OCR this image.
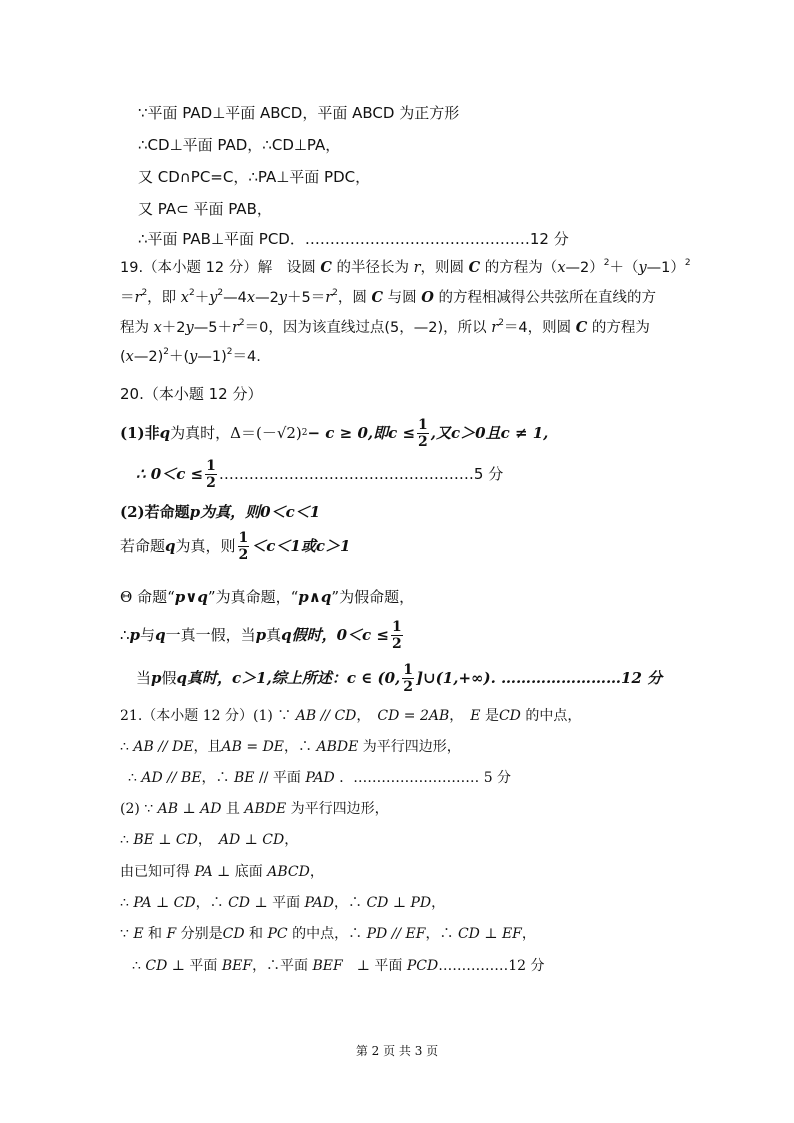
∵平面 PAD⊥平面 ABCD，平面 ABCD 为正方形
∴CD⊥平面 PAD，∴CD⊥PA，
又 CD∩PC=C，∴PA⊥平面 PDC，
又 PA⊂ 平面 PAB，
∴平面 PAB⊥平面 PCD．………………………………………12 分
19.（本小题 12 分）解　设圆 C 的半径长为 r，则圆 C 的方程为（x—2）$^2$＋（y—1）$^2$
$=r^2$，即 $x^2+y^2—4x—2y+5=r^2$，圆 C 与圆 O 的方程相减得公共弦所在直线的方
程为 $x+2y—5+r^2=0$，因为该直线过点(5，—2)，所以 $r^2=4$，则圆 C 的方程为
(x—2)$^2$＋(y—1)$^2$＝4.
20.（本小题 12 分）
(1)非 q 为真时，Δ＝(－√2) 2 − c ≥ 0,即$c \le \frac{1}{2}$ ,又c＞0且c ≠ 1,
∴ $0<c \le \frac{1}{2}$ ……………………………………………5 分
(2)若命题p为真，则0＜c＜1
若命题 q 为真，则 $\frac{1}{2} <c<1$或c＞1
Θ 命题“p∨q”为真命题，“p∧q”为假命题，
∴ p 与 q 一真一假，当 p 真 q 假时，$0<c \le \frac{1}{2}$
当 p 假 q 真时，c＞1,综上所述：c ∈ (0, $\frac{1}{2}$ ]∪(1,+∞). ……………………12 分
21.（本小题 12 分）(1) ∵ AB // CD，　CD = 2AB，　E 是CD 的中点，
∴ AB // DE，且AB = DE，∴ ABDE 为平行四边形，
∴ AD // BE，∴ BE // 平面 PAD ．……………………… 5 分
(2) ∵ AB ⊥ AD 且 ABDE 为平行四边形，
∴ BE ⊥ CD，　AD ⊥ CD，
由已知可得 PA ⊥ 底面 ABCD，
∴ PA ⊥ CD，∴ CD ⊥ 平面 PAD，∴ CD ⊥ PD，
∵ E 和 F 分别是CD 和 PC 的中点，∴ PD // EF，∴ CD ⊥ EF，
∴ CD ⊥ 平面 BEF，∴平面 BEF　⊥ 平面 PCD……………12 分
第 2 页 共 3 页
